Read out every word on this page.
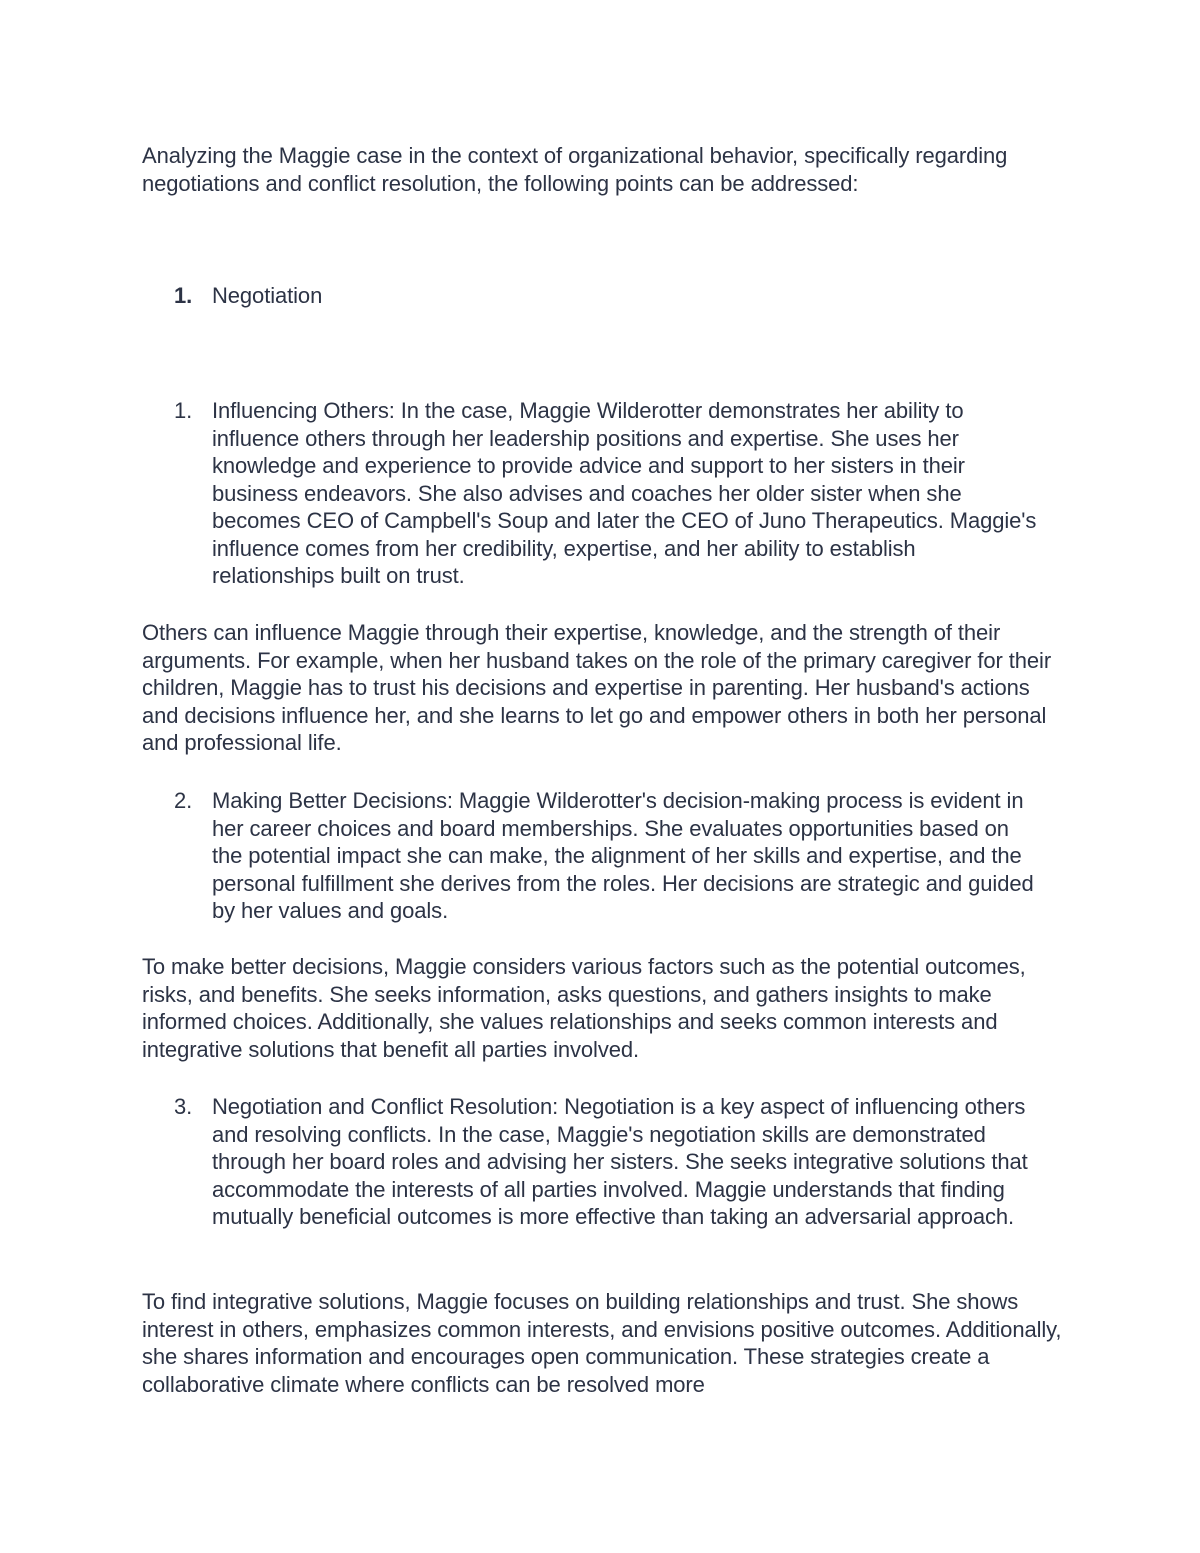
Analyzing the Maggie case in the context of organizational behavior, specifically regarding negotiations and conflict resolution, the following points can be addressed:

1. Negotiation
1. Influencing Others: In the case, Maggie Wilderotter demonstrates her ability to influence others through her leadership positions and expertise. She uses her knowledge and experience to provide advice and support to her sisters in their business endeavors. She also advises and coaches her older sister when she becomes CEO of Campbell's Soup and later the CEO of Juno Therapeutics. Maggie's influence comes from her credibility, expertise, and her ability to establish relationships built on trust.

Others can influence Maggie through their expertise, knowledge, and the strength of their arguments. For example, when her husband takes on the role of the primary caregiver for their children, Maggie has to trust his decisions and expertise in parenting. Her husband's actions and decisions influence her, and she learns to let go and empower others in both her personal and professional life.

2. Making Better Decisions: Maggie Wilderotter's decision-making process is evident in her career choices and board memberships. She evaluates opportunities based on the potential impact she can make, the alignment of her skills and expertise, and the personal fulfillment she derives from the roles. Her decisions are strategic and guided by her values and goals.

To make better decisions, Maggie considers various factors such as the potential outcomes, risks, and benefits. She seeks information, asks questions, and gathers insights to make informed choices. Additionally, she values relationships and seeks common interests and integrative solutions that benefit all parties involved.

3. Negotiation and Conflict Resolution: Negotiation is a key aspect of influencing others and resolving conflicts. In the case, Maggie's negotiation skills are demonstrated through her board roles and advising her sisters. She seeks integrative solutions that accommodate the interests of all parties involved. Maggie understands that finding mutually beneficial outcomes is more effective than taking an adversarial approach.

To find integrative solutions, Maggie focuses on building relationships and trust. She shows interest in others, emphasizes common interests, and envisions positive outcomes. Additionally, she shares information and encourages open communication. These strategies create a collaborative climate where conflicts can be resolved more
